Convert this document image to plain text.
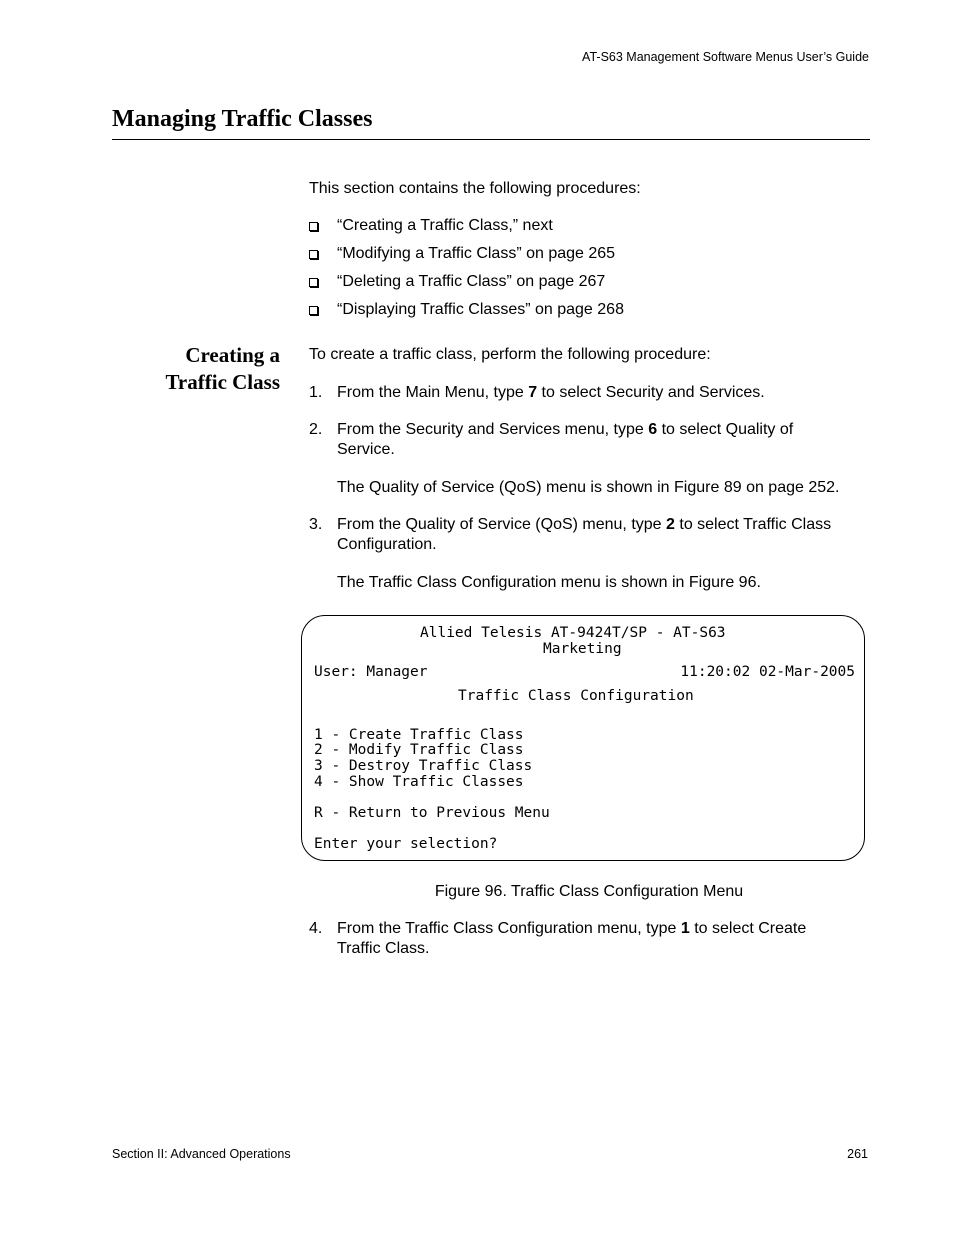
AT-S63 Management Software Menus User’s Guide
Managing Traffic Classes
This section contains the following procedures:
“Creating a Traffic Class,” next
“Modifying a Traffic Class” on page 265
“Deleting a Traffic Class” on page 267
“Displaying Traffic Classes” on page 268
Creating a
Traffic Class
To create a traffic class, perform the following procedure:
1. From the Main Menu, type 7 to select Security and Services.
2. From the Security and Services menu, type 6 to select Quality of Service.
The Quality of Service (QoS) menu is shown in Figure 89 on page 252.
3. From the Quality of Service (QoS) menu, type 2 to select Traffic Class Configuration.
The Traffic Class Configuration menu is shown in Figure 96.
Allied Telesis AT-9424T/SP - AT-S63
Marketing
User: Manager	11:20:02 02-Mar-2005
Traffic Class Configuration
1 - Create Traffic Class
2 - Modify Traffic Class
3 - Destroy Traffic Class
4 - Show Traffic Classes
R - Return to Previous Menu
Enter your selection?
Figure 96. Traffic Class Configuration Menu
4. From the Traffic Class Configuration menu, type 1 to select Create Traffic Class.
Section II: Advanced Operations	261
